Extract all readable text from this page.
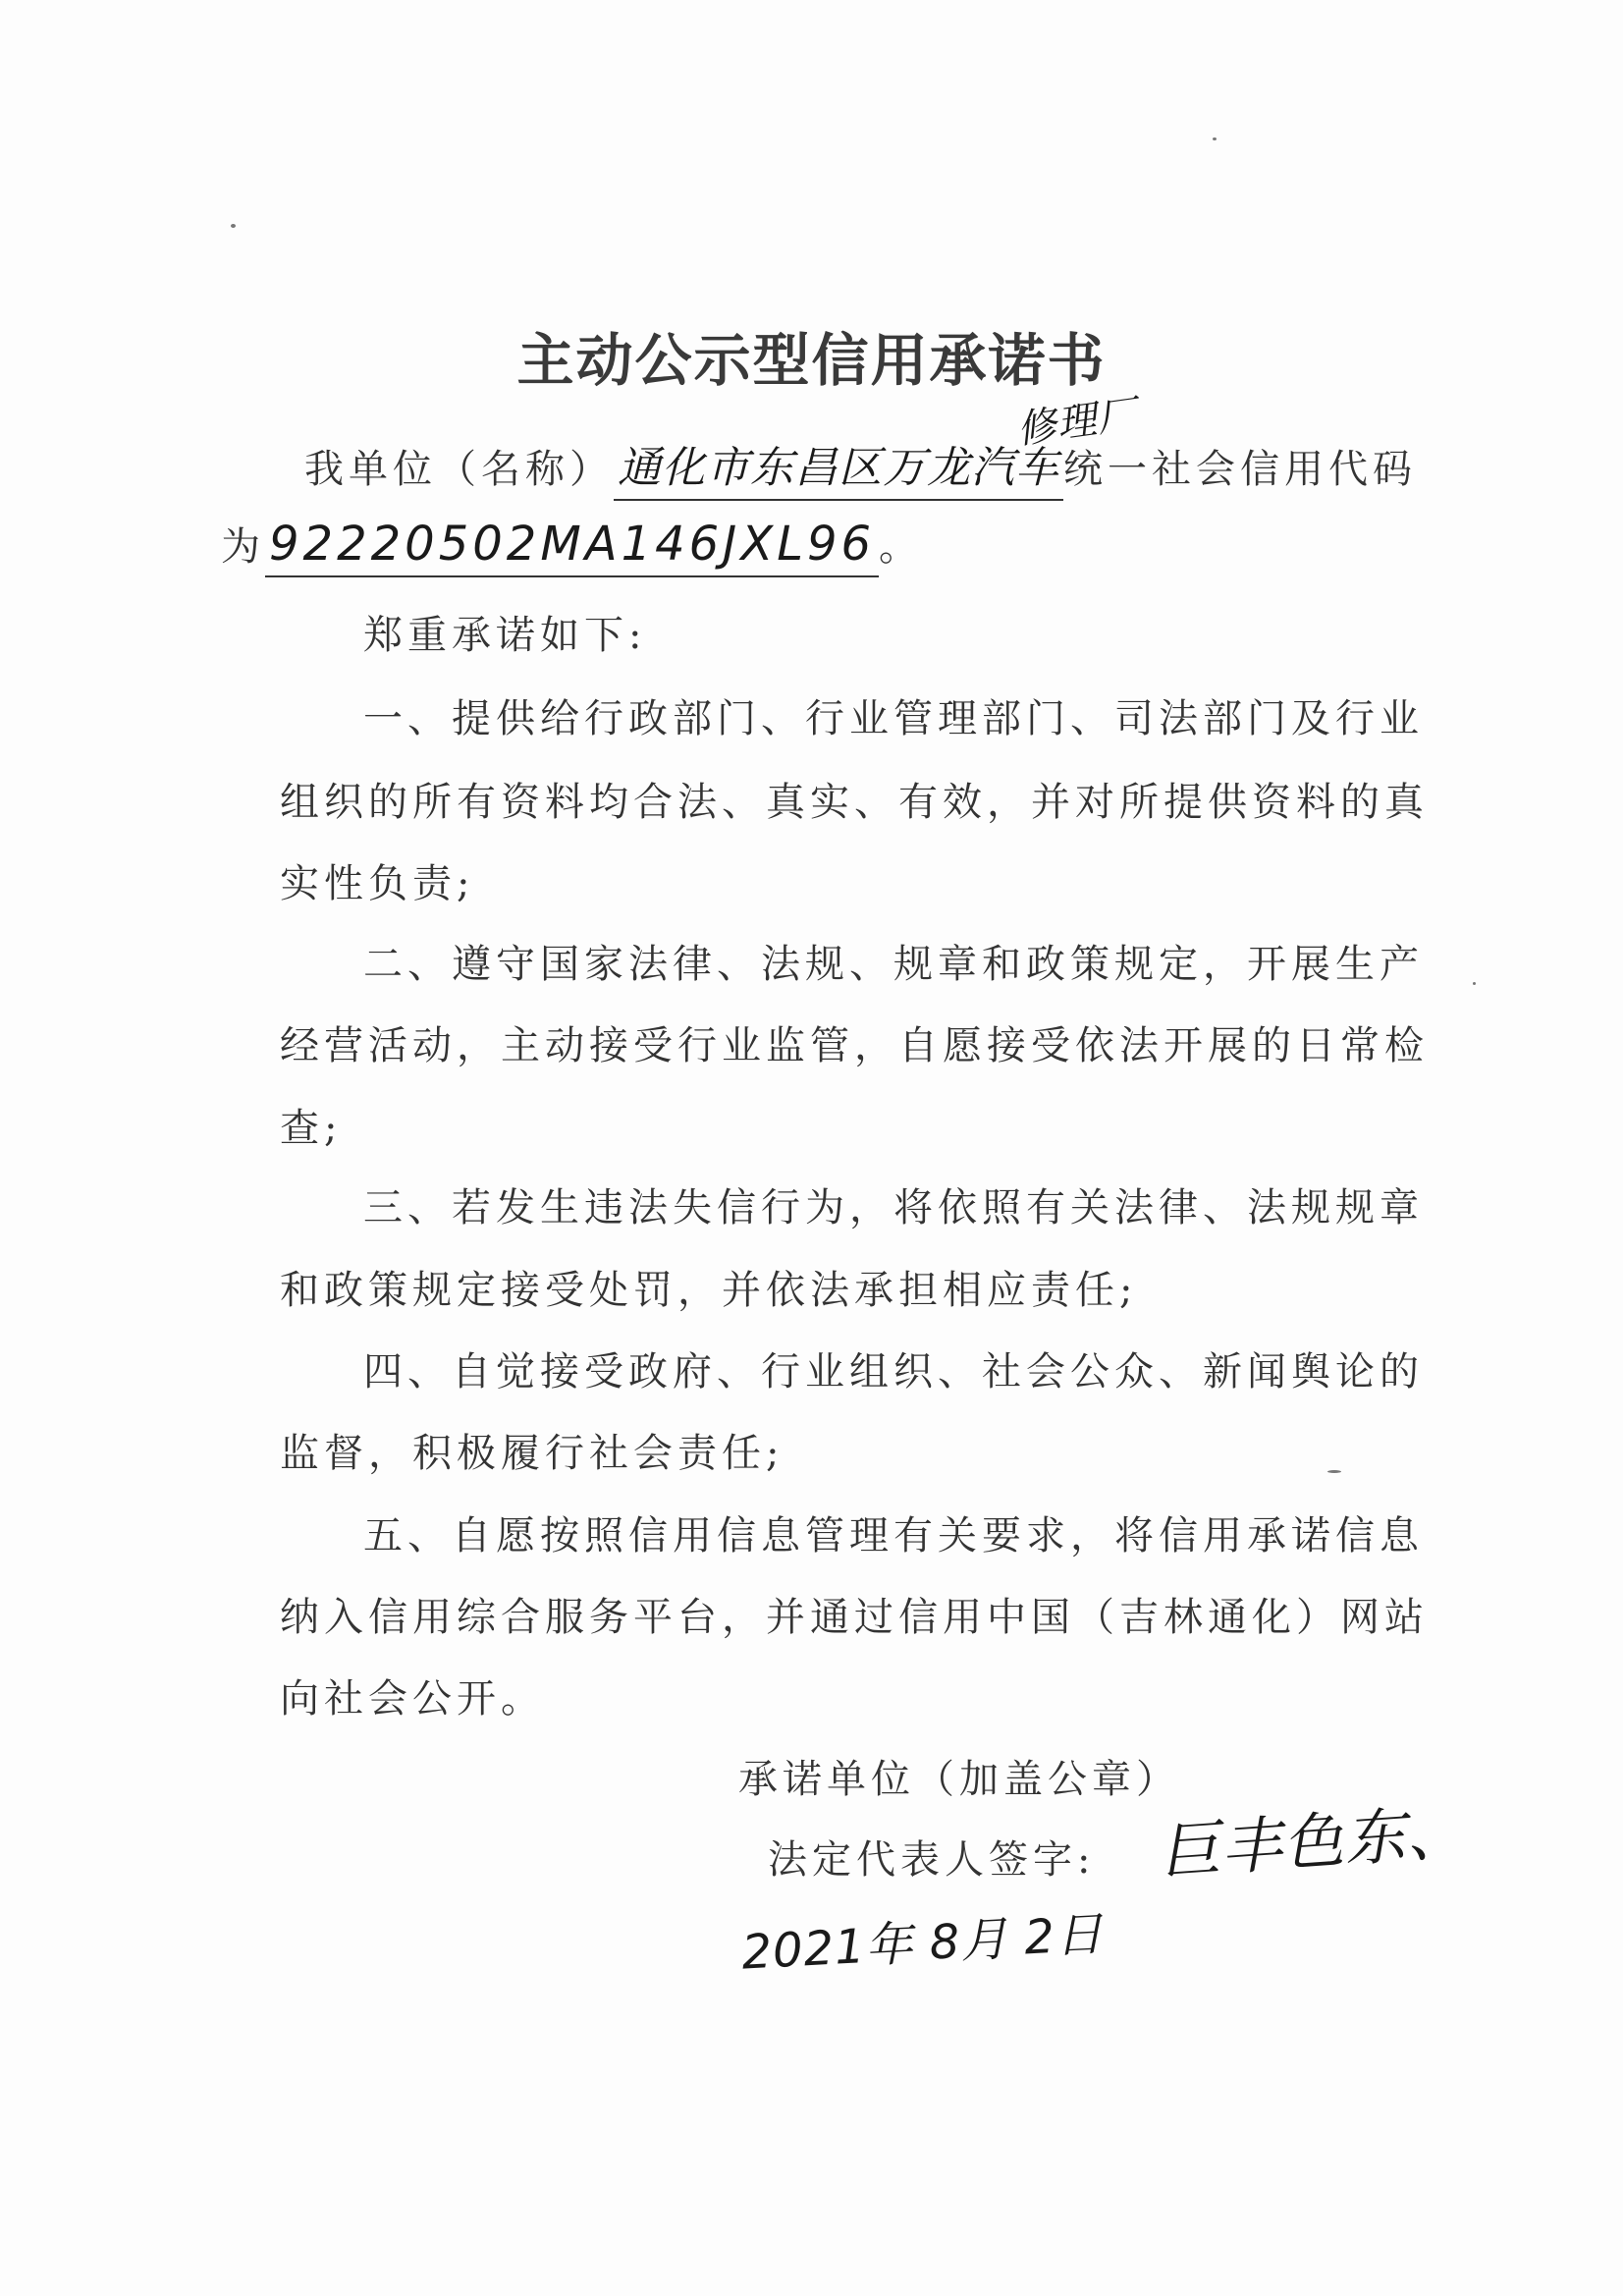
主动公示型信用承诺书
我单位（名称）通化市东昌区万龙汽车 统一社会信用代码
修理厂
为92220502MA146JXL96 。
郑重承诺如下:
一、提供给行政部门、行业管理部门、司法部门及行业
组织的所有资料均合法、真实、有效，并对所提供资料的真
实性负责;
二、遵守国家法律、法规、规章和政策规定，开展生产
经营活动，主动接受行业监管，自愿接受依法开展的日常检
查;
三、若发生违法失信行为，将依照有关法律、法规规章
和政策规定接受处罚，并依法承担相应责任;
四、自觉接受政府、行业组织、社会公众、新闻舆论的
监督，积极履行社会责任;
五、自愿按照信用信息管理有关要求，将信用承诺信息
纳入信用综合服务平台，并通过信用中国（吉林通化）网站
向社会公开。
承诺单位（加盖公章）
法定代表人签字: 巨丰色东、
2021年 8月 2日
